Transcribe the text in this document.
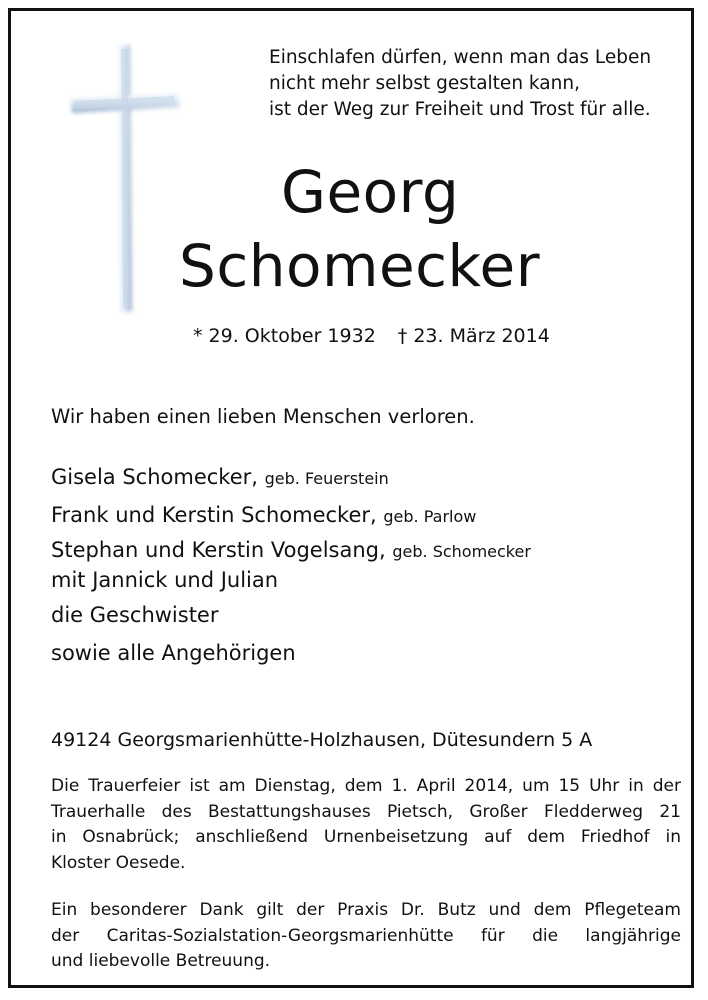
Einschlafen dürfen, wenn man das Leben
nicht mehr selbst gestalten kann,
ist der Weg zur Freiheit und Trost für alle.
Georg
Schomecker
* 29. Oktober 1932 † 23. März 2014
Wir haben einen lieben Menschen verloren.
Gisela Schomecker, geb. Feuerstein
Frank und Kerstin Schomecker, geb. Parlow
Stephan und Kerstin Vogelsang, geb. Schomecker
mit Jannick und Julian
die Geschwister
sowie alle Angehörigen
49124 Georgsmarienhütte-Holzhausen, Dütesundern 5 A
Die Trauerfeier ist am Dienstag, dem 1. April 2014, um 15 Uhr in der
Trauerhalle des Bestattungshauses Pietsch, Großer Fledderweg 21
in Osnabrück; anschließend Urnenbeisetzung auf dem Friedhof in
Kloster Oesede.
Ein besonderer Dank gilt der Praxis Dr. Butz und dem Pflegeteam
der Caritas-Sozialstation-Georgsmarienhütte für die langjährige
und liebevolle Betreuung.
